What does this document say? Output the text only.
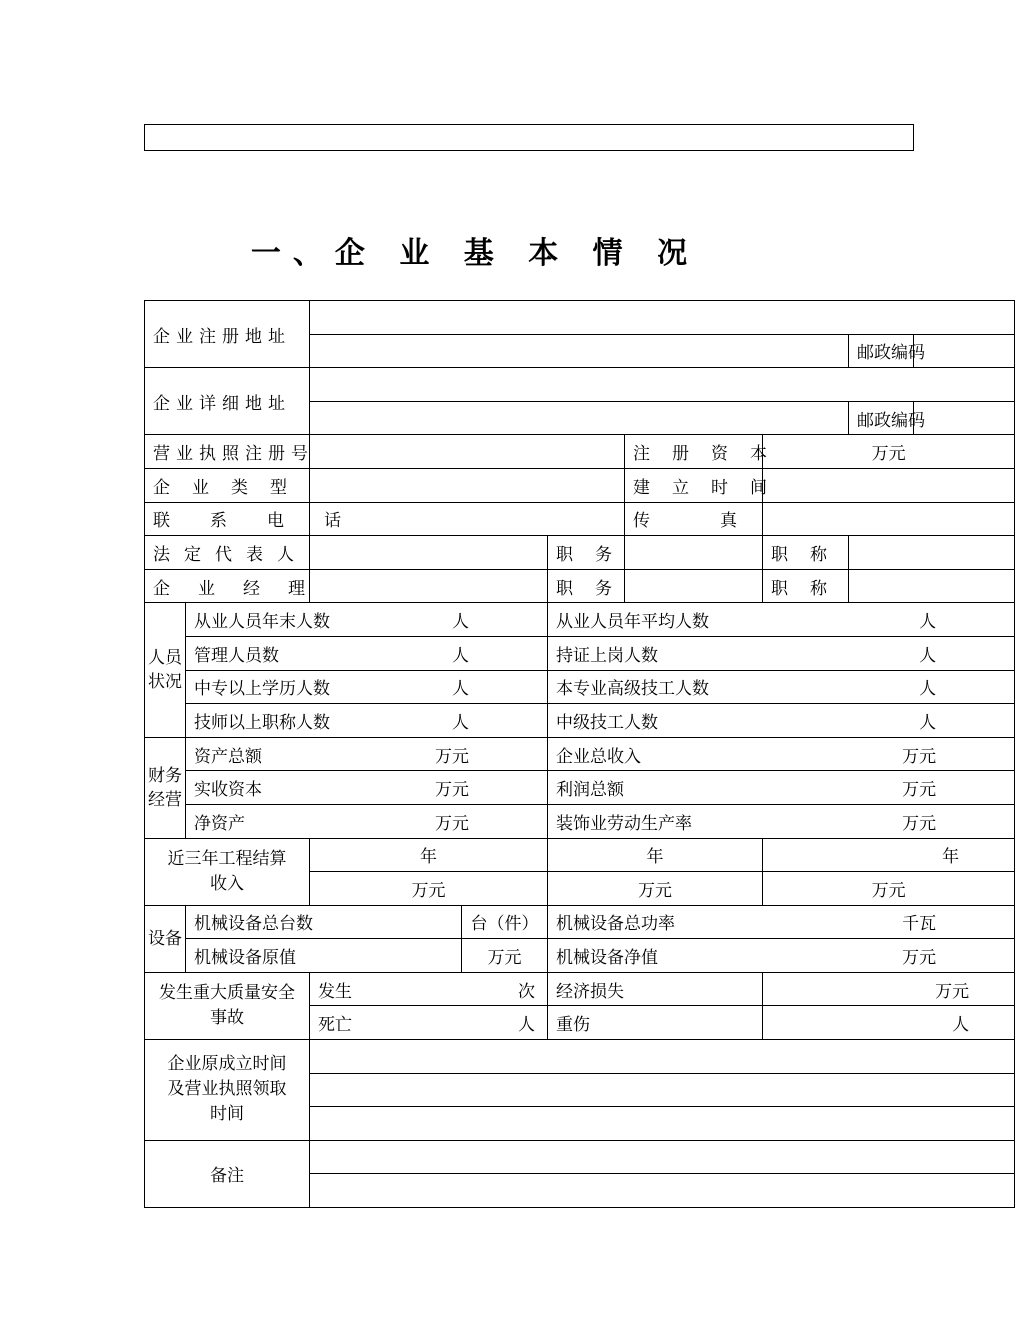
一、企 业 基 本 情 况
企业注册地址								
							邮政编码	
企业详细地址								
							邮政编码	
营业执照注册号					注册资本	万元		
企业类型					建立时间			
联系电话					传真			
法定代表人				职务		职称		
企业经理				职务		职称		
人员状况	从业人员年末人数 人			从业人员年平均人数 人				

	管理人员数 人			持证上岗人数 人				

	中专以上学历人数 人			本专业高级技工人数 人				

	技师以上职称人数 人			中级技工人数 人				

财务经营	资产总额 万元			企业总收入 万元				

	实收资本 万元			利润总额 万元				

	净资产 万元			装饰业劳动生产率 万元				

近三年工程结算收入		年		年		年		
		万元		万元		万元		
设备	机械设备总台数		台（件）	机械设备总功率 千瓦				

	机械设备原值		万元	机械设备净值 万元				

发生重大质量安全事故		发生 次		经济损失		万元		
		死亡 人		重伤		人		
企业原成立时间及营业执照领取时间								

备注								
